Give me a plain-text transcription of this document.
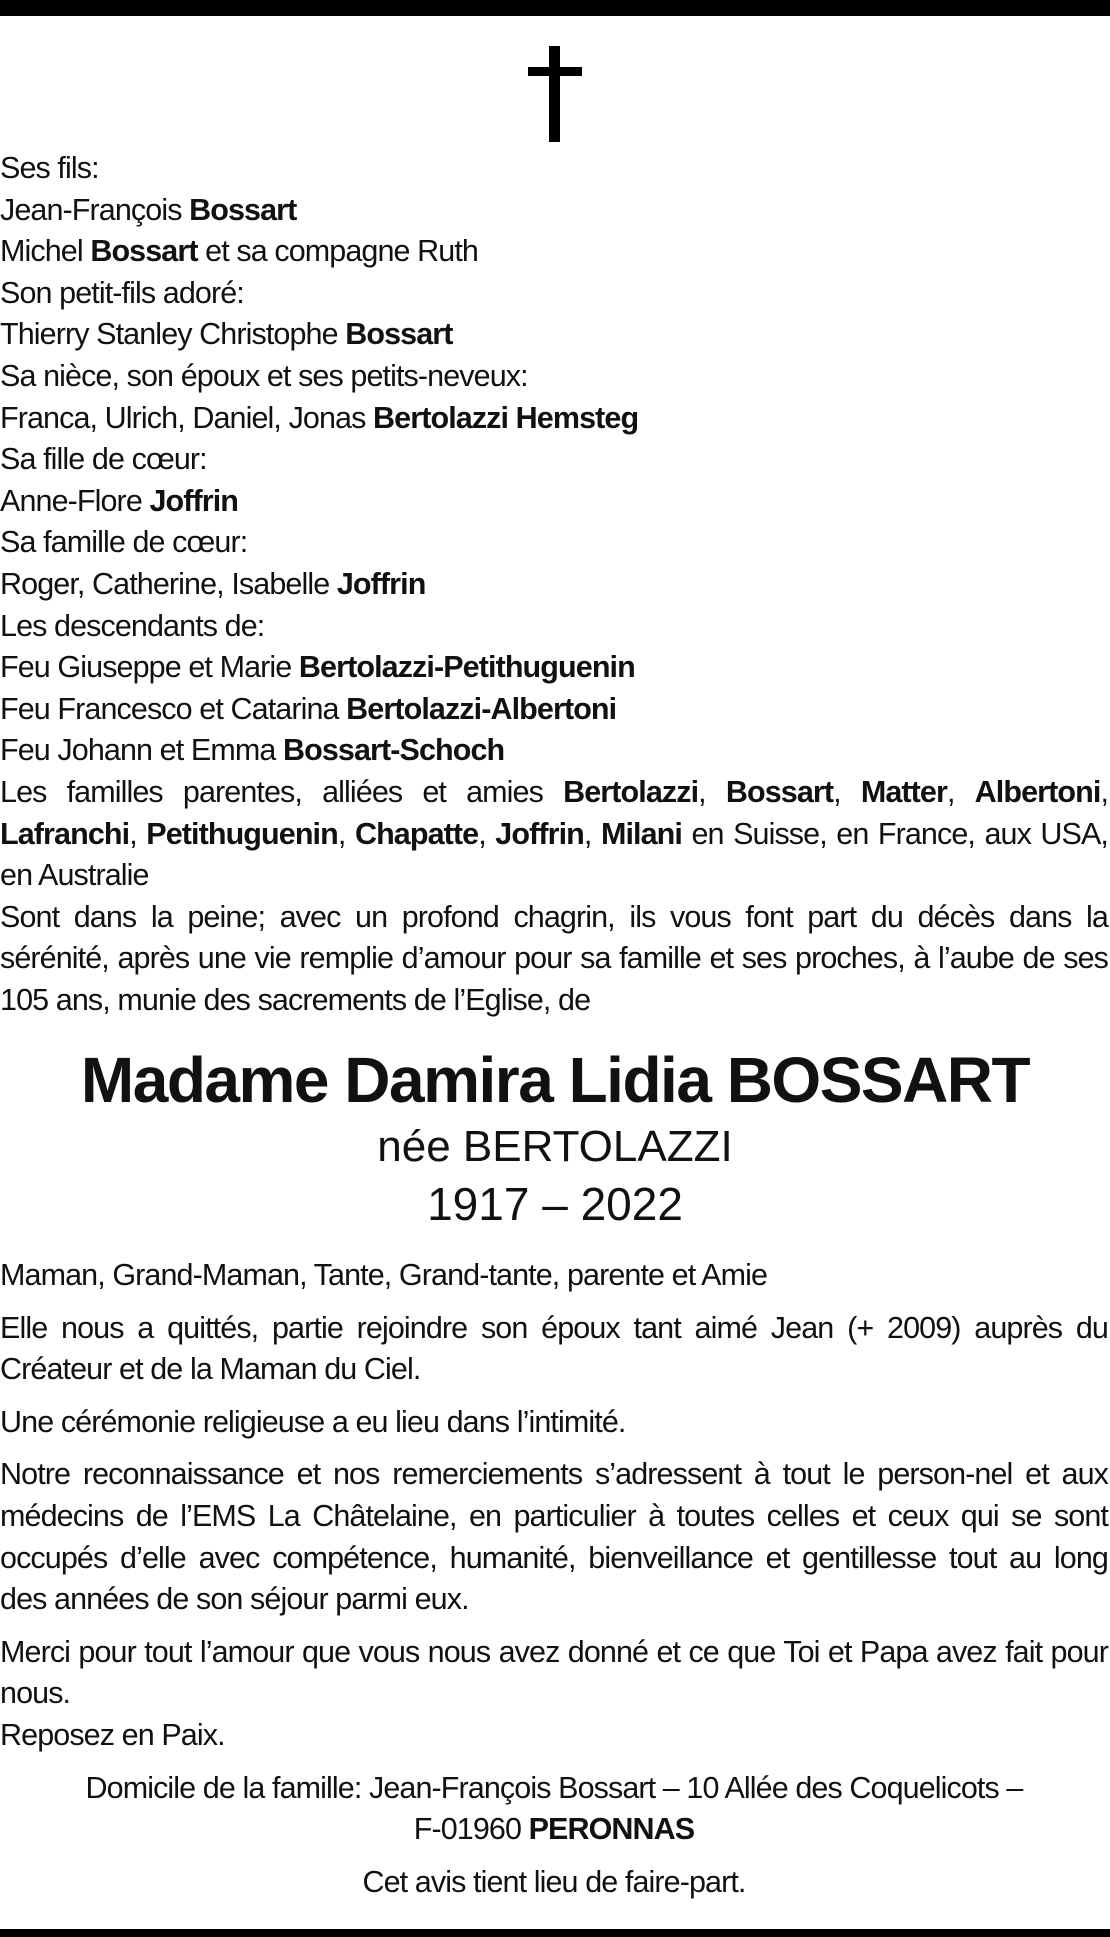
Ses fils:
Jean-François Bossart
Michel Bossart et sa compagne Ruth
Son petit-fils adoré:
Thierry Stanley Christophe Bossart
Sa nièce, son époux et ses petits-neveux:
Franca, Ulrich, Daniel, Jonas Bertolazzi Hemsteg
Sa fille de cœur:
Anne-Flore Joffrin
Sa famille de cœur:
Roger, Catherine, Isabelle Joffrin
Les descendants de:
Feu Giuseppe et Marie Bertolazzi-Petithuguenin
Feu Francesco et Catarina Bertolazzi-Albertoni
Feu Johann et Emma Bossart-Schoch
Les familles parentes, alliées et amies Bertolazzi, Bossart, Matter, Albertoni, Lafranchi, Petithuguenin, Chapatte, Joffrin, Milani en Suisse, en France, aux USA, en Australie
Sont dans la peine; avec un profond chagrin, ils vous font part du décès dans la sérénité, après une vie remplie d’amour pour sa famille et ses proches, à l’aube de ses 105 ans, munie des sacrements de l’Eglise, de
Madame Damira Lidia BOSSART
née BERTOLAZZI
1917 – 2022

Maman, Grand-Maman, Tante, Grand-tante, parente et Amie

Elle nous a quittés, partie rejoindre son époux tant aimé Jean (+ 2009) auprès du Créateur et de la Maman du Ciel.

Une cérémonie religieuse a eu lieu dans l’intimité.

Notre reconnaissance et nos remerciements s’adressent à tout le person-nel et aux médecins de l’EMS La Châtelaine, en particulier à toutes celles et ceux qui se sont occupés d’elle avec compétence, humanité, bienveillance et gentillesse tout au long des années de son séjour parmi eux.

Merci pour tout l’amour que vous nous avez donné et ce que Toi et Papa avez fait pour nous.
Reposez en Paix.

Domicile de la famille: Jean-François Bossart – 10 Allée des Coquelicots –
F-01960 PERONNAS

Cet avis tient lieu de faire-part.
